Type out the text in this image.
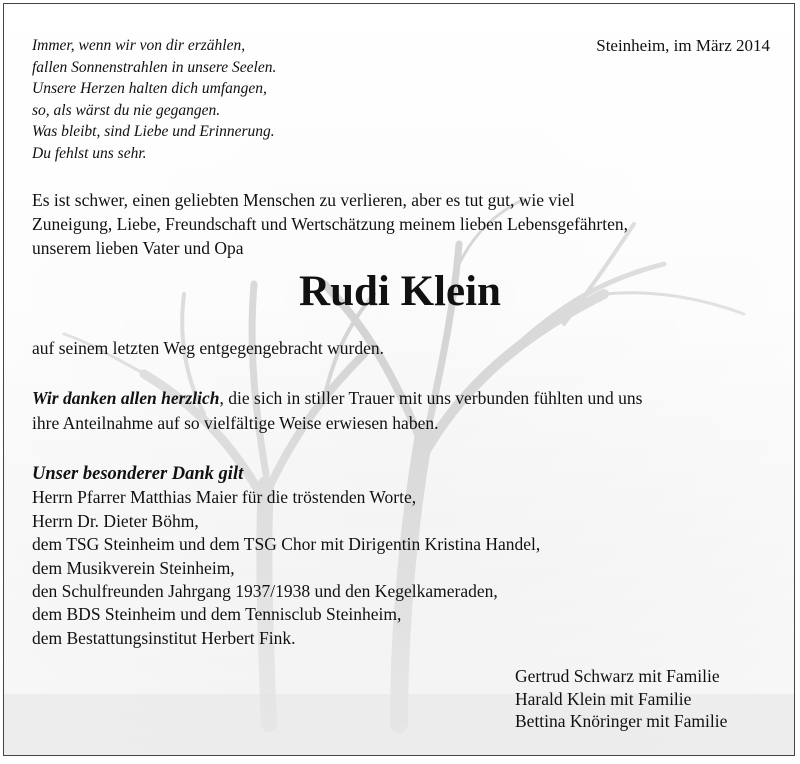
Immer, wenn wir von dir erzählen,
fallen Sonnenstrahlen in unsere Seelen.
Unsere Herzen halten dich umfangen,
so, als wärst du nie gegangen.
Was bleibt, sind Liebe und Erinnerung.
Du fehlst uns sehr.
Steinheim, im März 2014
Es ist schwer, einen geliebten Menschen zu verlieren, aber es tut gut, wie viel
Zuneigung, Liebe, Freundschaft und Wertschätzung meinem lieben Lebensgefährten,
unserem lieben Vater und Opa
Rudi Klein
auf seinem letzten Weg entgegengebracht wurden.
Wir danken allen herzlich, die sich in stiller Trauer mit uns verbunden fühlten und uns
ihre Anteilnahme auf so vielfältige Weise erwiesen haben.
Unser besonderer Dank gilt
Herrn Pfarrer Matthias Maier für die tröstenden Worte,
Herrn Dr. Dieter Böhm,
dem TSG Steinheim und dem TSG Chor mit Dirigentin Kristina Handel,
dem Musikverein Steinheim,
den Schulfreunden Jahrgang 1937/1938 und den Kegelkameraden,
dem BDS Steinheim und dem Tennisclub Steinheim,
dem Bestattungsinstitut Herbert Fink.
Gertrud Schwarz mit Familie
Harald Klein mit Familie
Bettina Knöringer mit Familie
